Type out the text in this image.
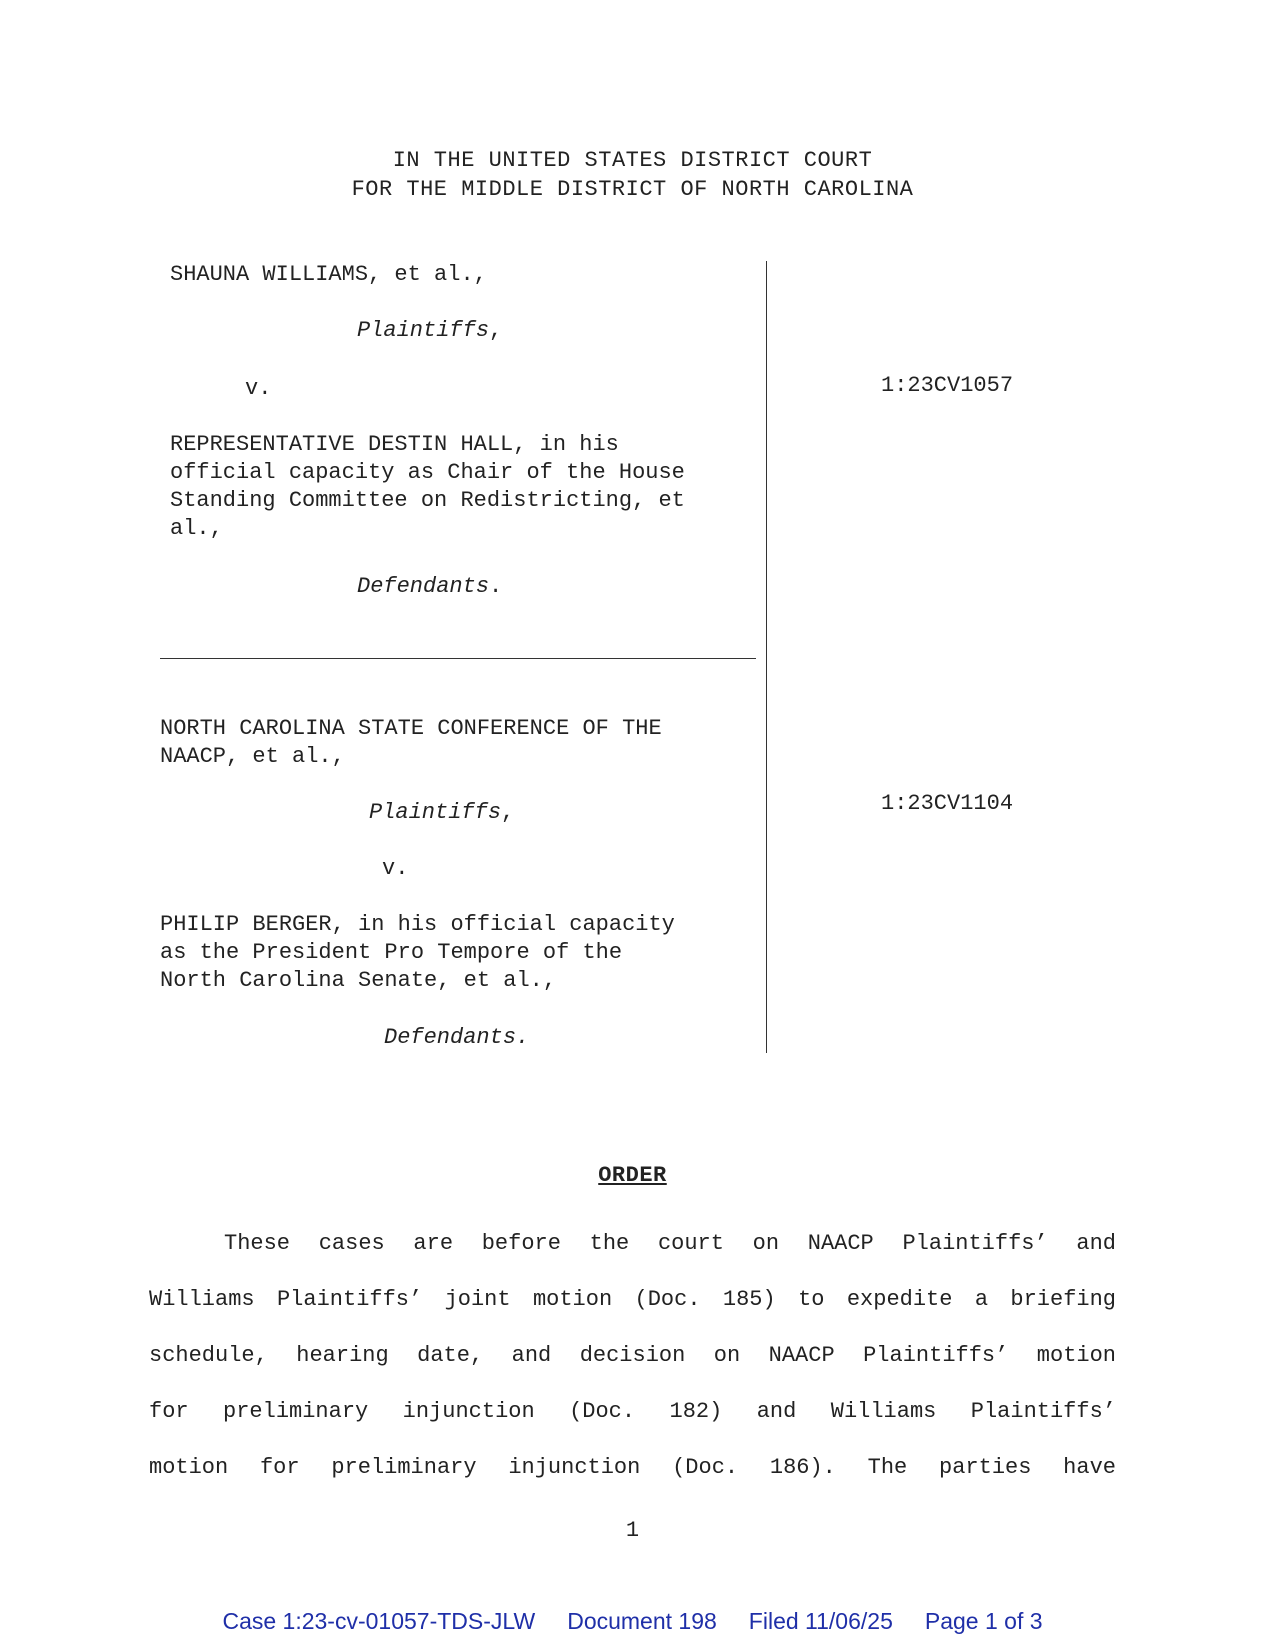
IN THE UNITED STATES DISTRICT COURT
FOR THE MIDDLE DISTRICT OF NORTH CAROLINA
SHAUNA WILLIAMS, et al.,
Plaintiffs,
v.
REPRESENTATIVE DESTIN HALL, in his
official capacity as Chair of the House
Standing Committee on Redistricting, et
al.,
Defendants.
1:23CV1057
NORTH CAROLINA STATE CONFERENCE OF THE
NAACP, et al.,
Plaintiffs,
v.
PHILIP BERGER, in his official capacity
as the President Pro Tempore of the
North Carolina Senate, et al.,
Defendants.
1:23CV1104
ORDER
These cases are before the court on NAACP Plaintiffs’ and
Williams Plaintiffs’ joint motion (Doc. 185) to expedite a briefing
schedule, hearing date, and decision on NAACP Plaintiffs’ motion
for preliminary injunction (Doc. 182) and Williams Plaintiffs’
motion for preliminary injunction (Doc. 186). The parties have
1
Case 1:23-cv-01057-TDS-JLW Document 198 Filed 11/06/25 Page 1 of 3
